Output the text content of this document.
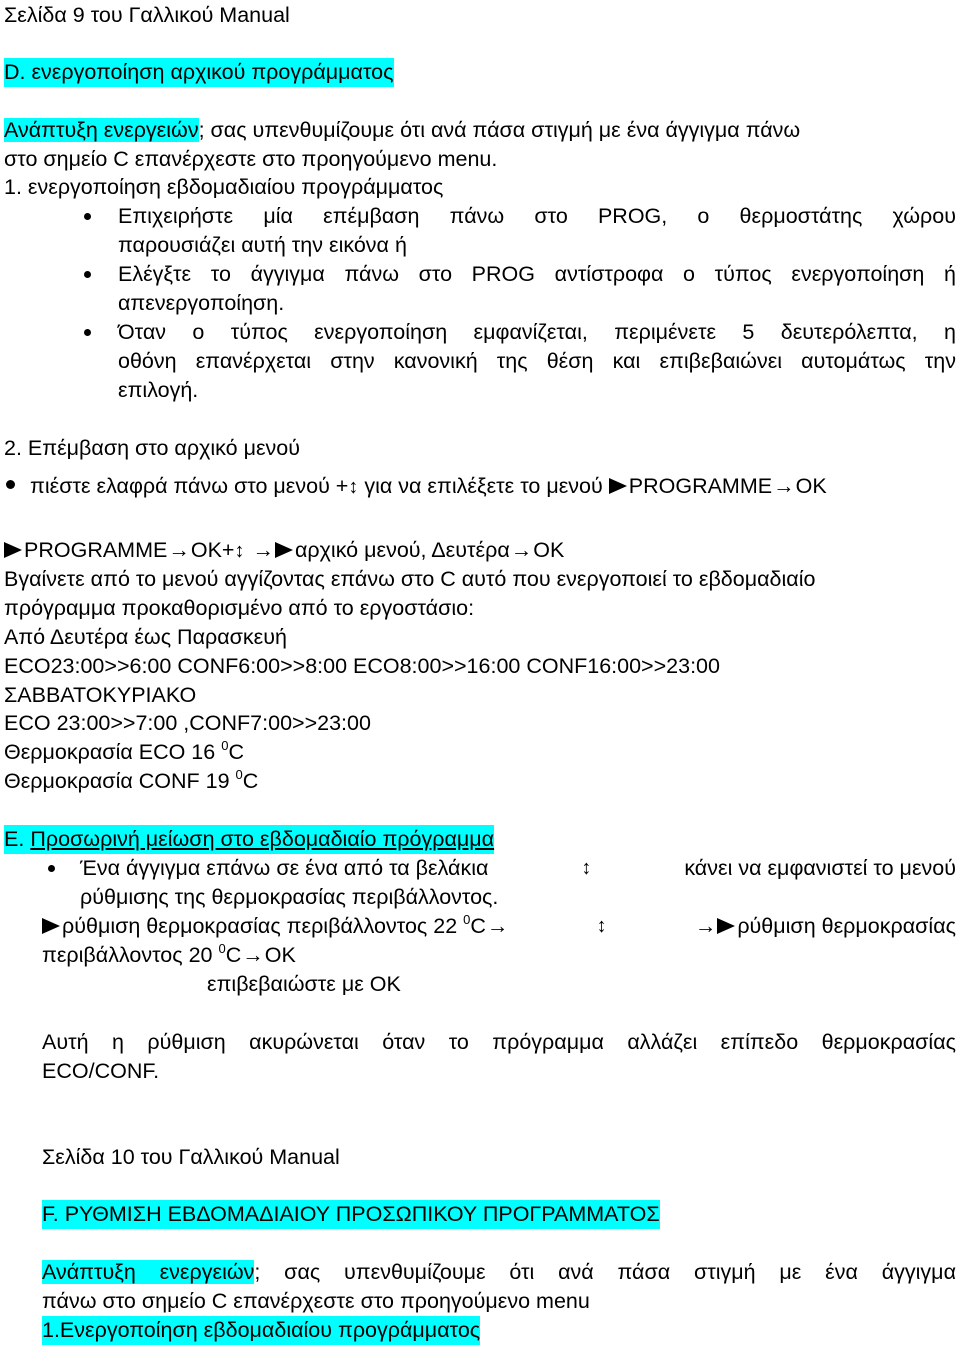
Σελίδα 9 του Γαλλικού Manual
D. ενεργοποίηση αρχικού προγράμματος
Ανάπτυξη ενεργειών; σας υπενθυμίζουμε ότι ανά πάσα στιγμή με ένα άγγιγμα πάνω
στο σημείο C επανέρχεστε στο προηγούμενο menu.
1. ενεργοποίηση εβδομαδιαίου προγράμματος
Επιχειρήστε μία επέμβαση πάνω στο PROG, ο θερμοστάτης χώρου
παρουσιάζει αυτή την εικόνα ή
Ελέγξτε το άγγιγμα πάνω στο PROG αντίστροφα ο τύπος ενεργοποίηση ή
απενεργοποίηση.
Όταν ο τύπος ενεργοποίηση εμφανίζεται, περιμένετε 5 δευτερόλεπτα, η
οθόνη επανέρχεται στην κανονική της θέση και επιβεβαιώνει αυτομάτως την
επιλογή.
2. Επέμβαση στο αρχικό μενού
πιέστε ελαφρά πάνω στο μενού +↕ για να επιλέξετε το μενού PROGRAMME→OK
PROGRAMME→OK+↕ → αρχικό μενού, Δευτέρα→OK
Βγαίνετε από το μενού αγγίζοντας επάνω στο C αυτό που ενεργοποιεί το εβδομαδιαίο
πρόγραμμα προκαθορισμένο από το εργοστάσιο:
Από Δευτέρα έως Παρασκευή
ECO23:00>>6:00 CONF6:00>>8:00 ECO8:00>>16:00 CONF16:00>>23:00
ΣΑΒΒΑΤΟΚΥΡΙΑΚΟ
ECO 23:00>>7:00 ,CONF7:00>>23:00
Θερμοκρασία ECO 16 $^0$C
Θερμοκρασία CONF 19 $^0$C
E. Προσωρινή μείωση στο εβδομαδιαίο πρόγραμμα
Ένα άγγιγμα επάνω σε ένα από τα βελάκια	↕	κάνει να εμφανιστεί το μενού
ρύθμισης της θερμοκρασίας περιβάλλοντος.
ρύθμιση θερμοκρασίας περιβάλλοντος 22 $^0$C→	↕	→ ρύθμιση θερμοκρασίας
περιβάλλοντος 20 $^0$C→OK
επιβεβαιώστε με OK
Αυτή η ρύθμιση ακυρώνεται όταν το πρόγραμμα αλλάζει επίπεδο θερμοκρασίας
ECO/CONF.
Σελίδα 10 του Γαλλικού Manual
F. ΡΥΘΜΙΣΗ ΕΒΔΟΜΑΔΙΑΙΟΥ ΠΡΟΣΩΠΙΚΟΥ ΠΡΟΓΡΑΜΜΑΤΟΣ
Ανάπτυξη ενεργειών; σας υπενθυμίζουμε ότι ανά πάσα στιγμή με ένα άγγιγμα
πάνω στο σημείο C επανέρχεστε στο προηγούμενο menu
1.Ενεργοποίηση εβδομαδιαίου προγράμματος
